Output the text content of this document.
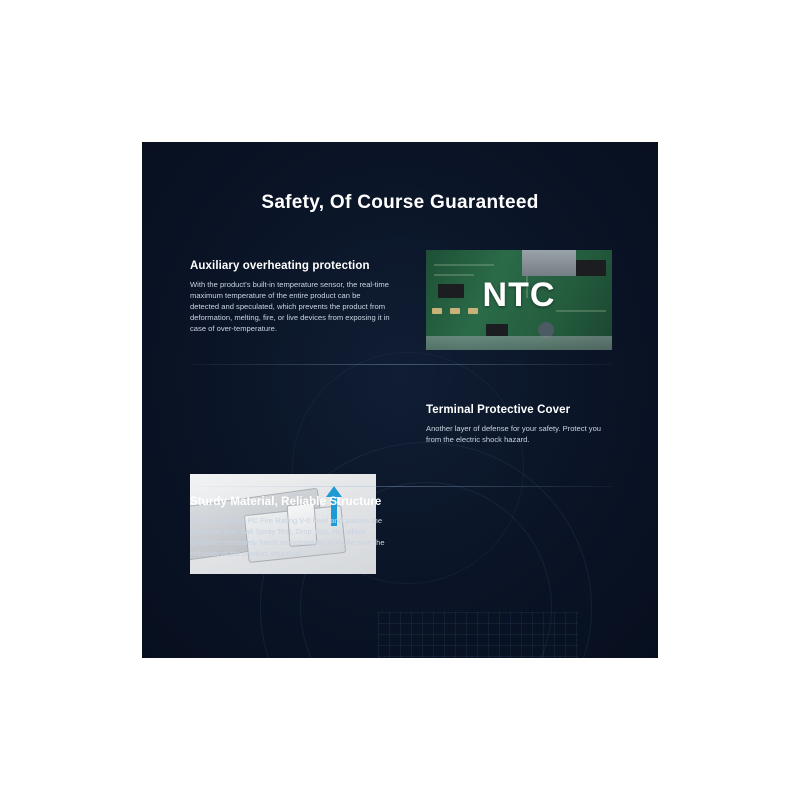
Safety, Of Course Guaranteed
Auxiliary overheating protection
With the product's built-in temperature sensor, the real-time maximum temperature of the entire product can be detected and speculated, which prevents the product from deformation, melting, fire, or live devices from exposing it in case of over-temperature.
NTC
Terminal Protective Cover
Another layer of defense for your safety. Protect you from the electric shock hazard.
Sturdy Material, Reliable Structure
The casing uses PC Fire Rating V-0 level and passes the Abrasion Test, Salt Spray Test, Drop Test, etc, which simulates extremely harsh environments to make sure the reliability of the product structure.
